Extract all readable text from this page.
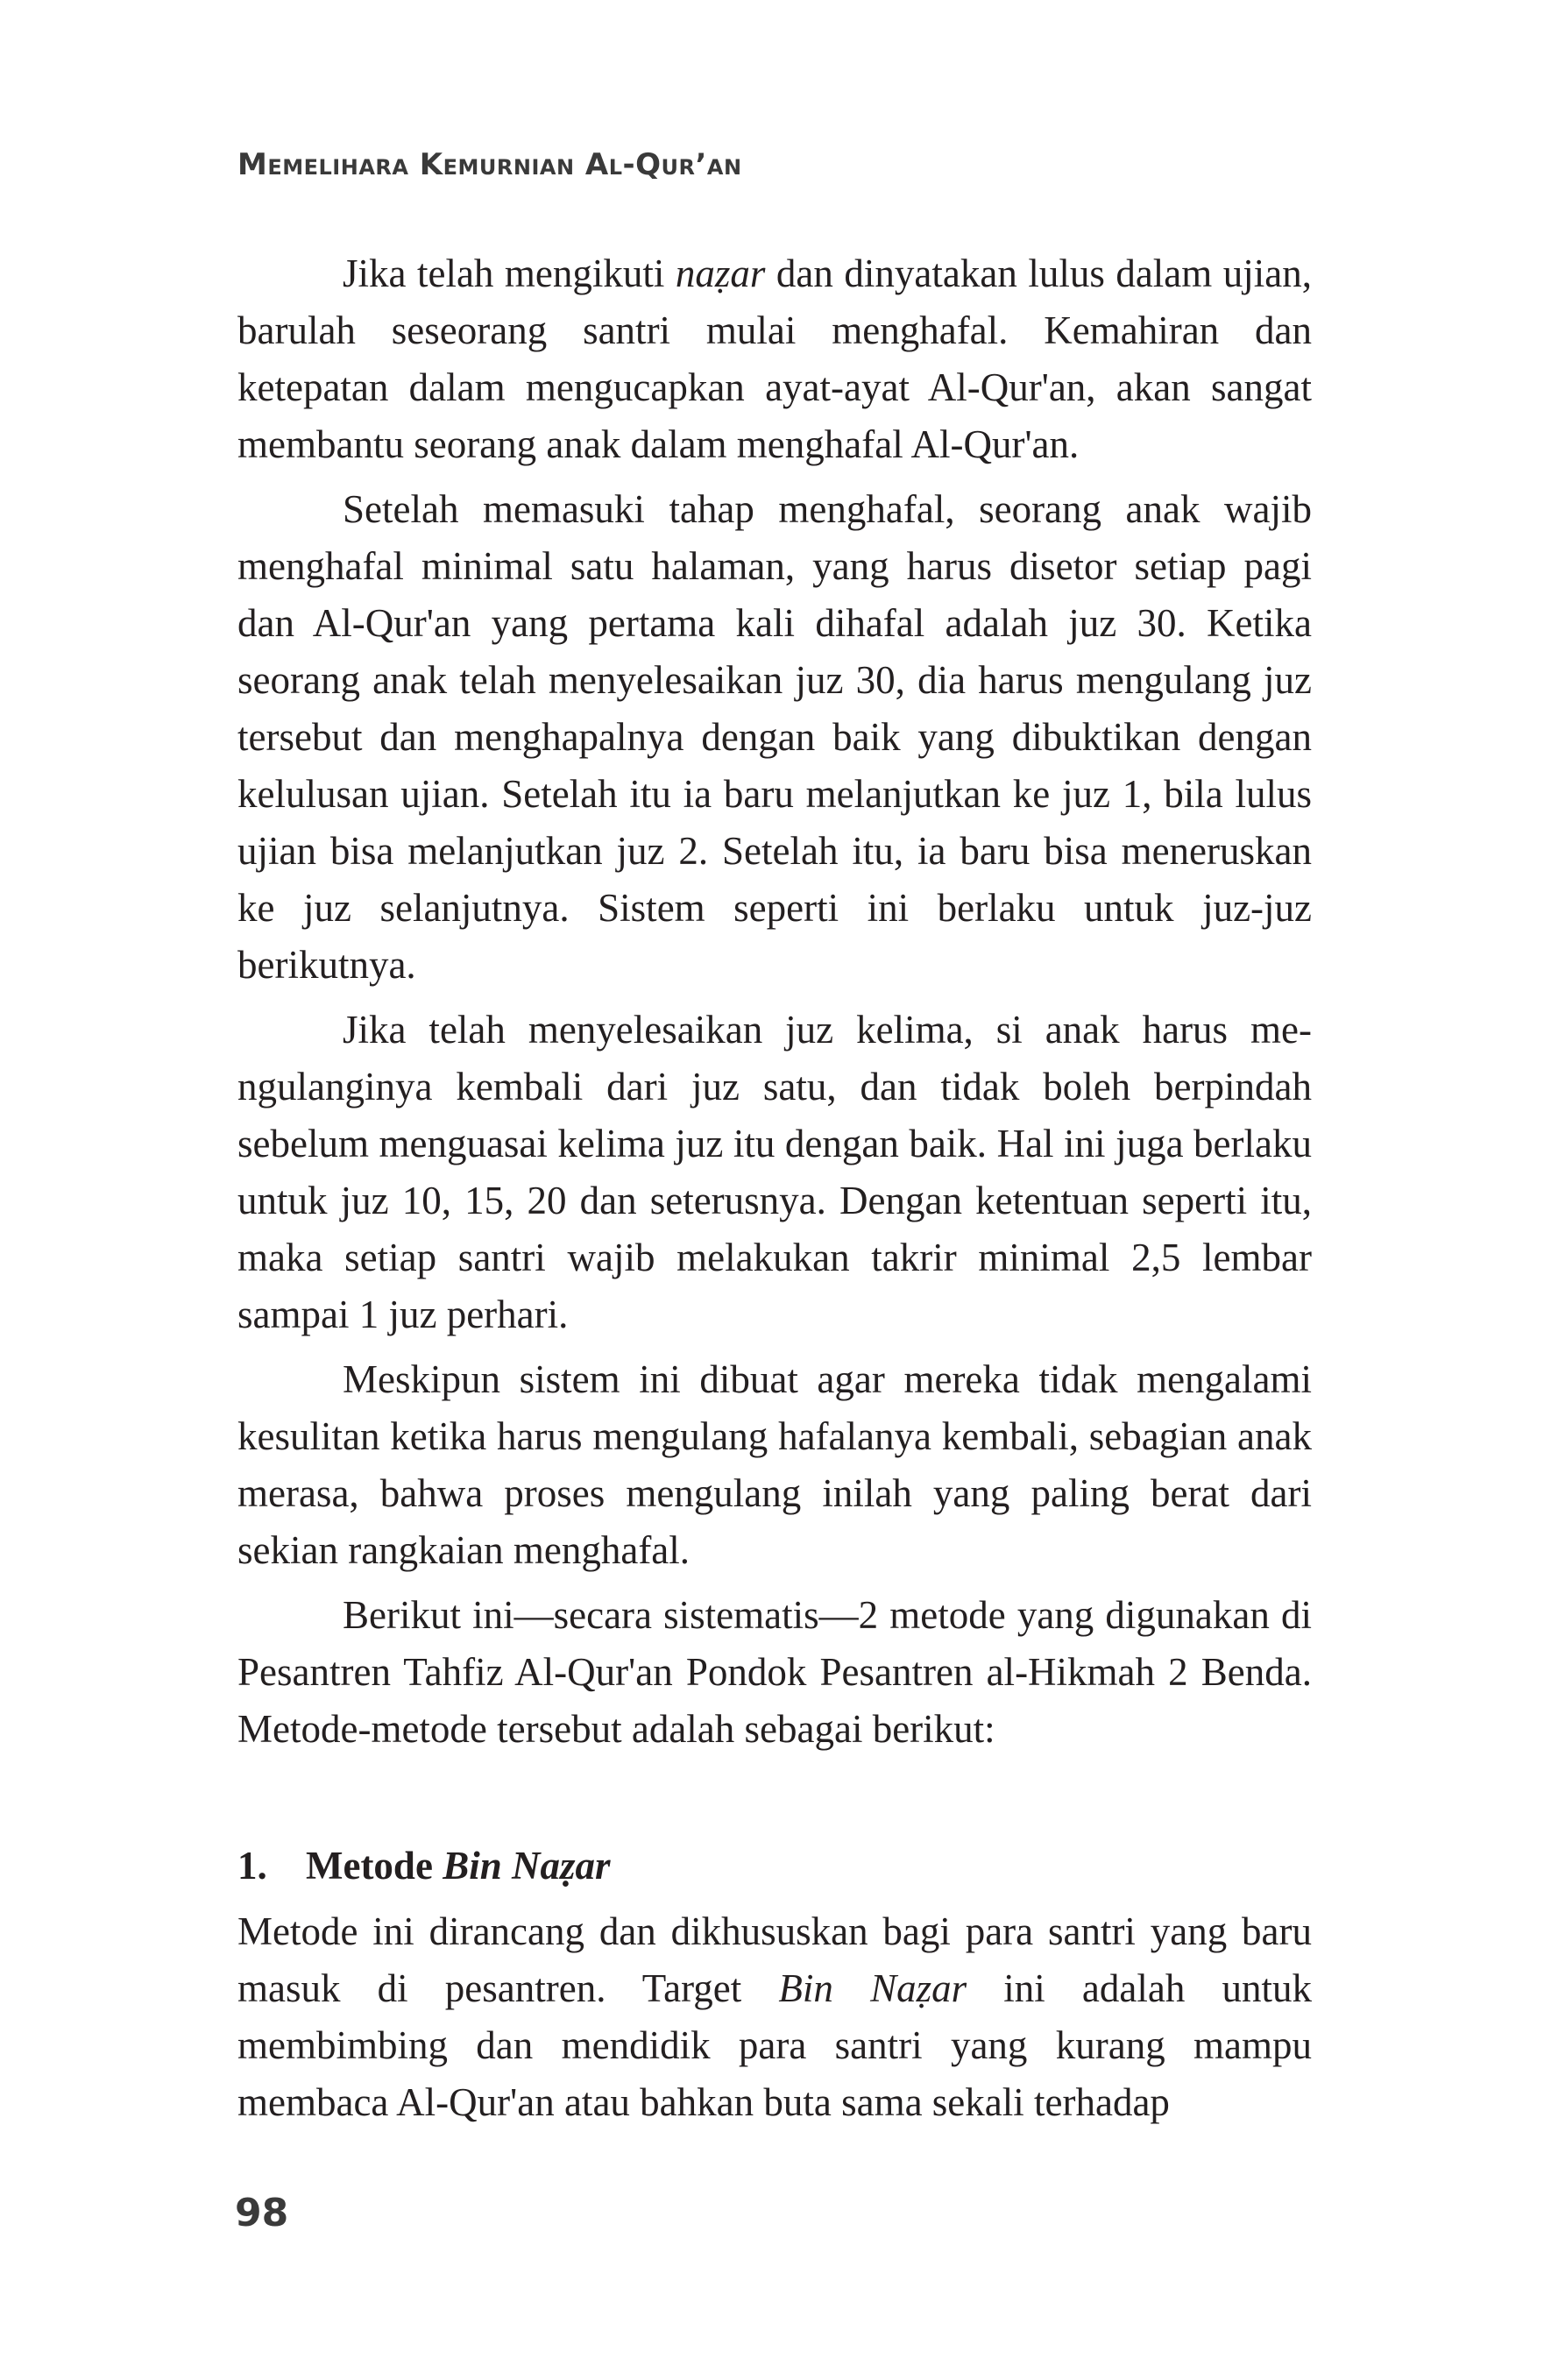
Memelihara Kemurnian Al-Qur’an

Jika telah mengikuti naẓar dan dinyatakan lulus dalam ujian, barulah seseorang santri mulai menghafal. Kemahiran dan ketepatan dalam mengucapkan ayat-ayat Al-Qur'an, akan sangat membantu seorang anak dalam menghafal Al-Qur'an.

Setelah memasuki tahap menghafal, seorang anak wajib menghafal minimal satu halaman, yang harus disetor setiap pagi dan Al-Qur'an yang pertama kali dihafal adalah juz 30. Ketika seorang anak telah menyelesaikan juz 30, dia harus mengulang juz tersebut dan menghapalnya dengan baik yang dibuktikan dengan kelulusan ujian. Setelah itu ia baru melanjutkan ke juz 1, bila lulus ujian bisa melanjutkan juz 2. Setelah itu, ia baru bisa meneruskan ke juz selanjutnya. Sistem seperti ini berlaku untuk juz-juz berikutnya.

Jika telah menyelesaikan juz kelima, si anak harus mengulanginya kembali dari juz satu, dan tidak boleh berpindah sebelum menguasai kelima juz itu dengan baik. Hal ini juga berlaku untuk juz 10, 15, 20 dan seterusnya. Dengan ketentuan seperti itu, maka setiap santri wajib melakukan takrir minimal 2,5 lembar sampai 1 juz perhari.

Meskipun sistem ini dibuat agar mereka tidak mengalami kesulitan ketika harus mengulang hafalanya kembali, sebagian anak merasa, bahwa proses mengulang inilah yang paling berat dari sekian rangkaian menghafal.

Berikut ini—secara sistematis—2 metode yang digunakan di Pesantren Tahfiz Al-Qur'an Pondok Pesantren al-Hikmah 2 Benda. Metode-metode tersebut adalah sebagai berikut:

1. Metode Bin Naẓar

Metode ini dirancang dan dikhususkan bagi para santri yang baru masuk di pesantren. Target Bin Naẓar ini adalah untuk membimbing dan mendidik para santri yang kurang mampu membaca Al-Qur'an atau bahkan buta sama sekali terhadap

98
